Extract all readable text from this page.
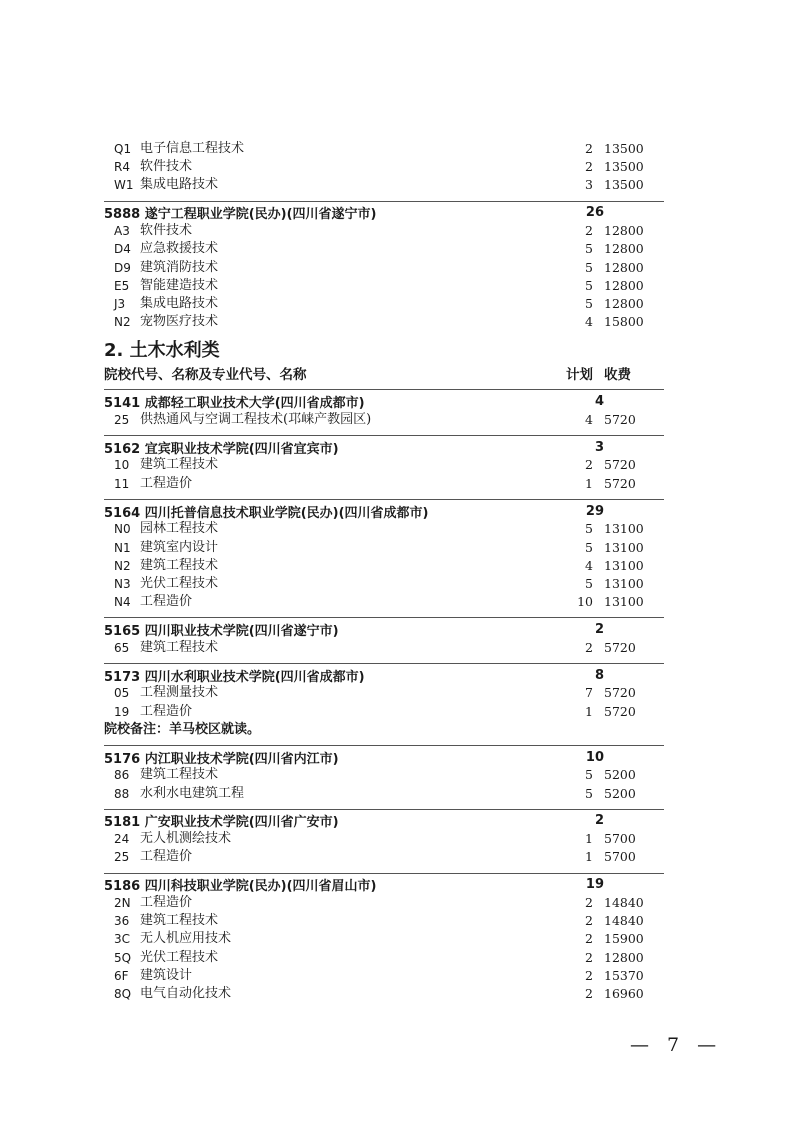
Q1 电子信息工程技术	2 13500
R4 软件技术	2 13500
W1 集成电路技术	3 13500
5888 遂宁工程职业学院(民办)(四川省遂宁市)	26
A3 软件技术	2 12800
D4 应急救援技术	5 12800
D9 建筑消防技术	5 12800
E5 智能建造技术	5 12800
J3	集成电路技术	5 12800
N2 宠物医疗技术	4 15800
2. 土木水利类
院校代号、名称及专业代号、名称	计划 收费
5141 成都轻工职业技术大学(四川省成都市)	4
25 供热通风与空调工程技术(邛崃产教园区)	4 5720
5162 宜宾职业技术学院(四川省宜宾市)	3
10 建筑工程技术	2 5720
11 工程造价	1 5720
5164 四川托普信息技术职业学院(民办)(四川省成都市)	29
N0 园林工程技术	5 13100
N1 建筑室内设计	5 13100
N2 建筑工程技术	4 13100
N3 光伏工程技术	5 13100
N4 工程造价	10 13100
5165 四川职业技术学院(四川省遂宁市)	2
65 建筑工程技术	2 5720
5173 四川水利职业技术学院(四川省成都市)	8
05 工程测量技术	7 5720
19 工程造价	1 5720
院校备注：羊马校区就读。
5176 内江职业技术学院(四川省内江市)	10
86 建筑工程技术	5 5200
88 水利水电建筑工程	5 5200
5181 广安职业技术学院(四川省广安市)	2
24 无人机测绘技术	1 5700
25 工程造价	1 5700
5186 四川科技职业学院(民办)(四川省眉山市)	19
2N 工程造价	2 14840
36 建筑工程技术	2 14840
3C 无人机应用技术	2 15900
5Q 光伏工程技术	2 12800
6F 建筑设计	2 15370
8Q 电气自动化技术	2 16960
— 7 —
